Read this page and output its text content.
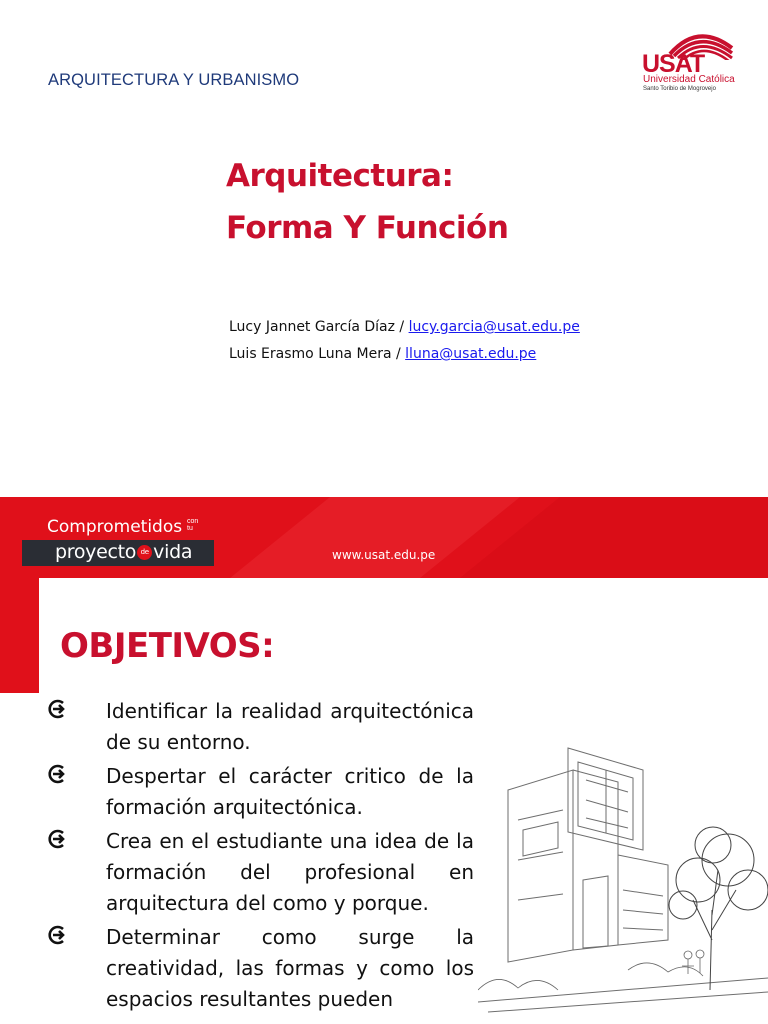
ARQUITECTURA Y URBANISMO
USAT
Universidad Católica
Santo Toribio de Mogrovejo
Arquitectura:
Forma Y Función
Lucy Jannet García Díaz / lucy.garcia@usat.edu.pe
Luis Erasmo Luna Mera / lluna@usat.edu.pe
Comprometidos con
tu
proyecto de vida	www.usat.edu.pe
OBJETIVOS:
Identificar la realidad arquitectónica de su entorno.
Despertar el carácter critico de la formación arquitectónica.
Crea en el estudiante una idea de la formación del profesional en arquitectura del como y porque.
Determinar como surge la creatividad, las formas y como los espacios resultantes pueden
